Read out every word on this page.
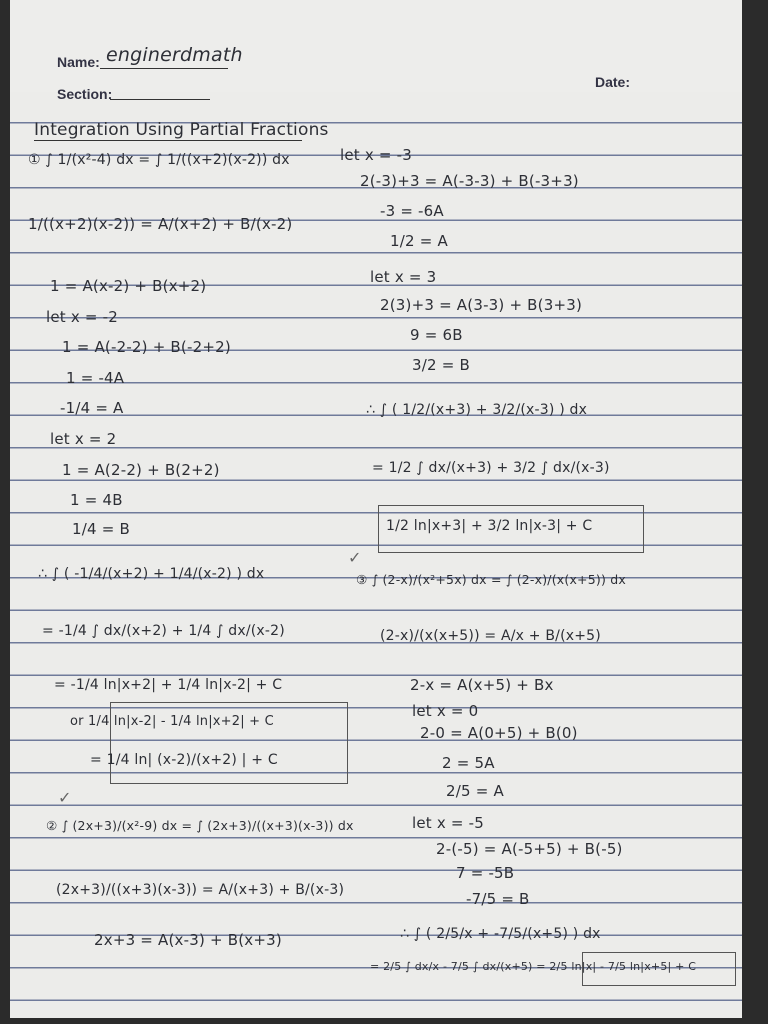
Name: enginerdmath
Section:
Date:
Integration Using Partial Fractions
① ∫ 1/(x²-4) dx = ∫ 1/((x+2)(x-2)) dx
1/((x+2)(x-2)) = A/(x+2) + B/(x-2)
1 = A(x-2) + B(x+2)
let x = -2
1 = A(-2-2) + B(-2+2)
1 = -4A
-1/4 = A
let x = 2
1 = A(2-2) + B(2+2)
1 = 4B
1/4 = B
∴ ∫ ( -1/4/(x+2) + 1/4/(x-2) ) dx
= -1/4 ∫ dx/(x+2) + 1/4 ∫ dx/(x-2)
= -1/4 ln|x+2| + 1/4 ln|x-2| + C
or 1/4 ln|x-2| - 1/4 ln|x+2| + C
= 1/4 ln| (x-2)/(x+2) | + C
✓
② ∫ (2x+3)/(x²-9) dx = ∫ (2x+3)/((x+3)(x-3)) dx
(2x+3)/((x+3)(x-3)) = A/(x+3) + B/(x-3)
2x+3 = A(x-3) + B(x+3)
let x = -3
2(-3)+3 = A(-3-3) + B(-3+3)
-3 = -6A
1/2 = A
let x = 3
2(3)+3 = A(3-3) + B(3+3)
9 = 6B
3/2 = B
∴ ∫ ( 1/2/(x+3) + 3/2/(x-3) ) dx
= 1/2 ∫ dx/(x+3) + 3/2 ∫ dx/(x-3)
1/2 ln|x+3| + 3/2 ln|x-3| + C
✓
③ ∫ (2-x)/(x²+5x) dx = ∫ (2-x)/(x(x+5)) dx
(2-x)/(x(x+5)) = A/x + B/(x+5)
2-x = A(x+5) + Bx
let x = 0
2-0 = A(0+5) + B(0)
2 = 5A
2/5 = A
let x = -5
2-(-5) = A(-5+5) + B(-5)
7 = -5B
-7/5 = B
∴ ∫ ( 2/5/x + -7/5/(x+5) ) dx
= 2/5 ∫ dx/x - 7/5 ∫ dx/(x+5) = 2/5 ln|x| - 7/5 ln|x+5| + C
